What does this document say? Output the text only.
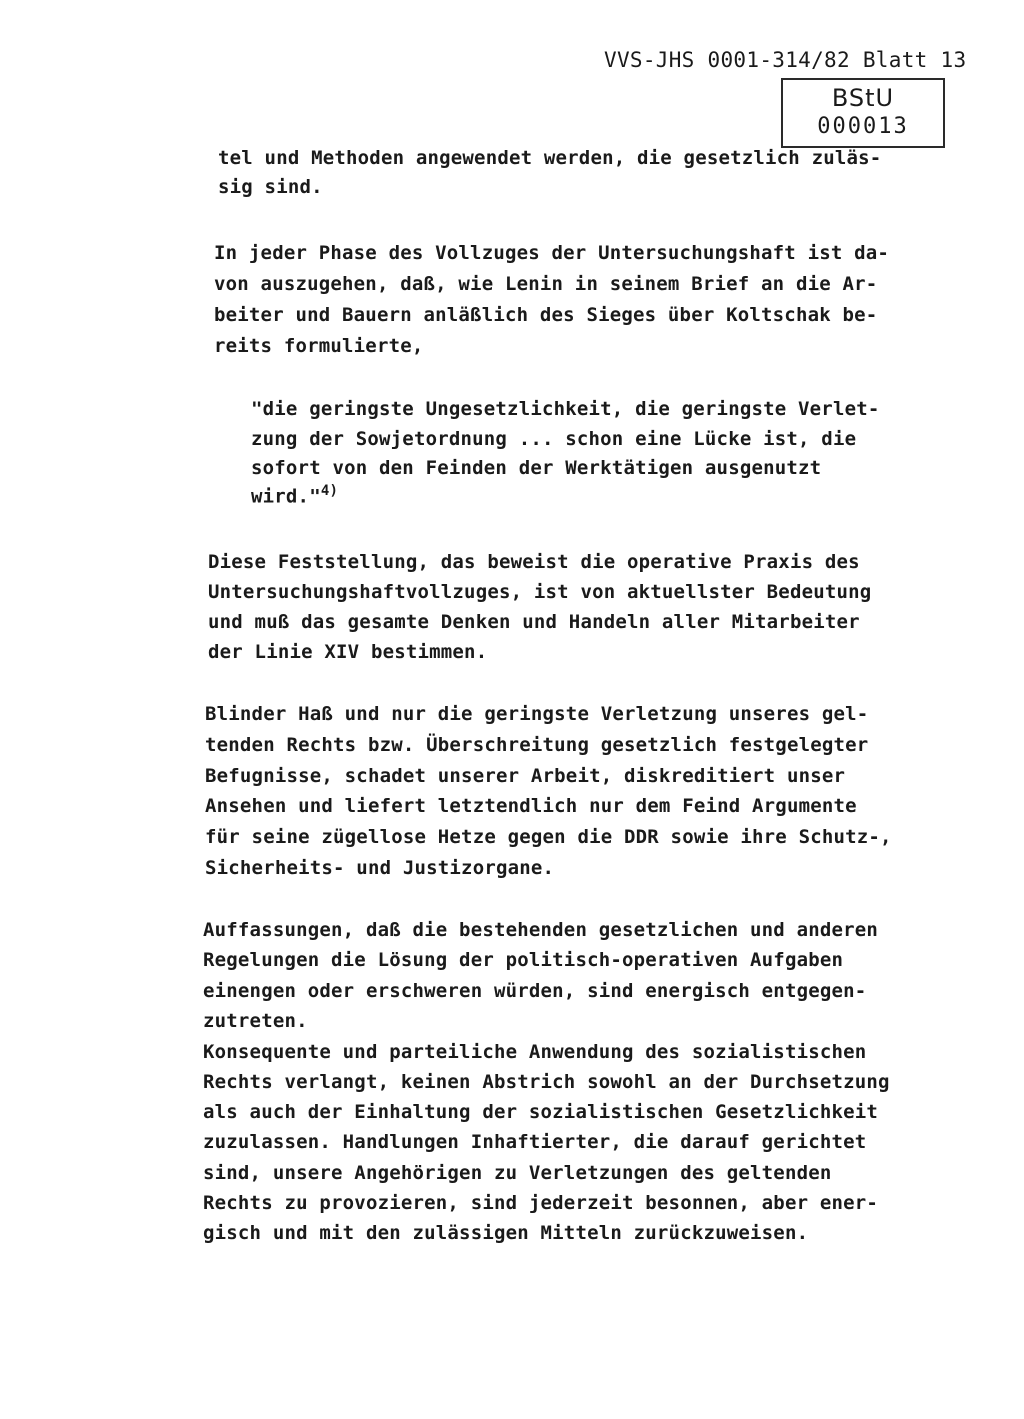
VVS-JHS 0001-314/82 Blatt 13
BStU
000013
tel und Methoden angewendet werden, die gesetzlich zuläs-
sig sind.
In jeder Phase des Vollzuges der Untersuchungshaft ist da-
von auszugehen, daß, wie Lenin in seinem Brief an die Ar-
beiter und Bauern anläßlich des Sieges über Koltschak be-
reits formulierte,
"die geringste Ungesetzlichkeit, die geringste Verlet-
zung der Sowjetordnung ... schon eine Lücke ist, die
sofort von den Feinden der Werktätigen ausgenutzt
wird."$^{4)}$
Diese Feststellung, das beweist die operative Praxis des
Untersuchungshaftvollzuges, ist von aktuellster Bedeutung
und muß das gesamte Denken und Handeln aller Mitarbeiter
der Linie XIV bestimmen.
Blinder Haß und nur die geringste Verletzung unseres gel-
tenden Rechts bzw. Überschreitung gesetzlich festgelegter
Befugnisse, schadet unserer Arbeit, diskreditiert unser
Ansehen und liefert letztendlich nur dem Feind Argumente
für seine zügellose Hetze gegen die DDR sowie ihre Schutz-,
Sicherheits- und Justizorgane.
Auffassungen, daß die bestehenden gesetzlichen und anderen
Regelungen die Lösung der politisch-operativen Aufgaben
einengen oder erschweren würden, sind energisch entgegen-
zutreten.
Konsequente und parteiliche Anwendung des sozialistischen
Rechts verlangt, keinen Abstrich sowohl an der Durchsetzung
als auch der Einhaltung der sozialistischen Gesetzlichkeit
zuzulassen. Handlungen Inhaftierter, die darauf gerichtet
sind, unsere Angehörigen zu Verletzungen des geltenden
Rechts zu provozieren, sind jederzeit besonnen, aber ener-
gisch und mit den zulässigen Mitteln zurückzuweisen.
